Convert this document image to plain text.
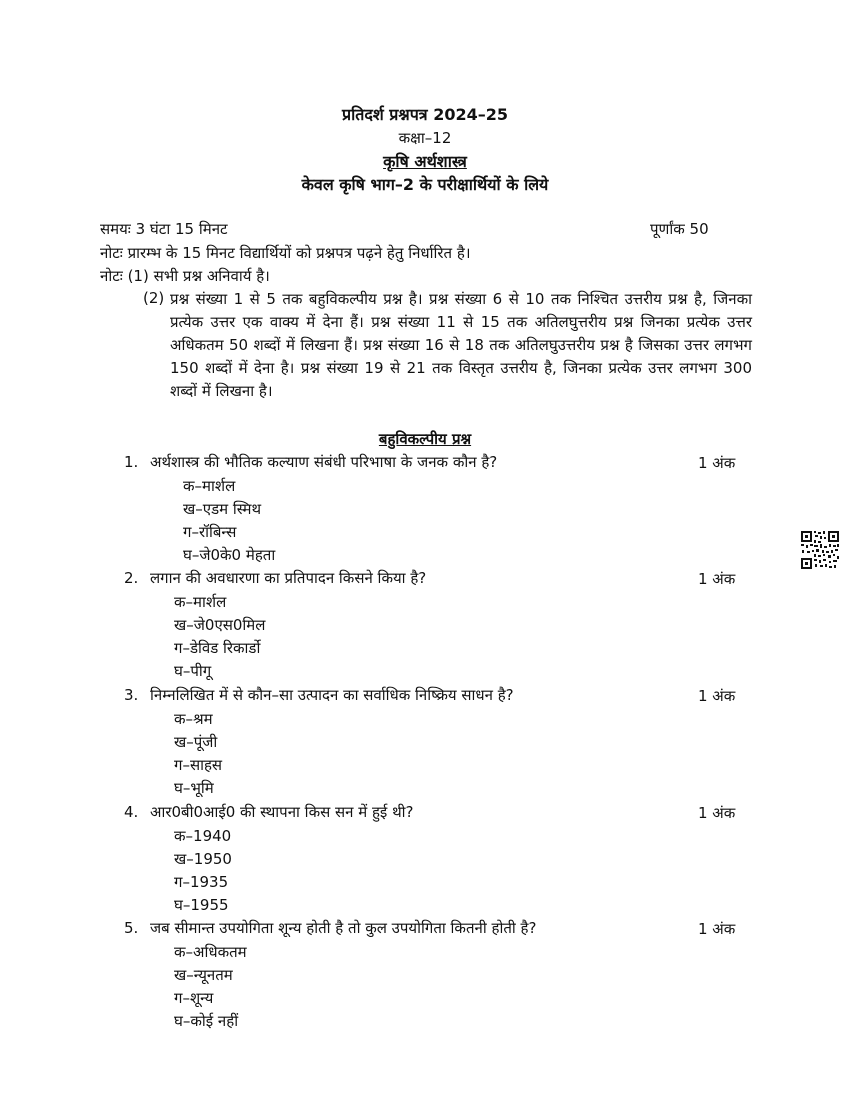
प्रतिदर्श प्रश्नपत्र 2024–25
कक्षा–12
कृषि अर्थशास्त्र
केवल कृषि भाग–2 के परीक्षार्थियों के लिये
समयः 3 घंटा 15 मिनट	पूर्णांक 50
नोटः प्रारम्भ के 15 मिनट विद्यार्थियों को प्रश्नपत्र पढ़ने हेतु निर्धारित है।
नोटः (1) सभी प्रश्न अनिवार्य है।
(2) प्रश्न संख्या 1 से 5 तक बहुविकल्पीय प्रश्न है। प्रश्न संख्या 6 से 10 तक निश्चित उत्तरीय प्रश्न है, जिनका प्रत्येक उत्तर एक वाक्य में देना हैं। प्रश्न संख्या 11 से 15 तक अतिलघुत्तरीय प्रश्न जिनका प्रत्येक उत्तर अधिकतम 50 शब्दों में लिखना हैं। प्रश्न संख्या 16 से 18 तक अतिलघुउत्तरीय प्रश्न है जिसका उत्तर लगभग 150 शब्दों में देना है। प्रश्न संख्या 19 से 21 तक विस्तृत उत्तरीय है, जिनका प्रत्येक उत्तर लगभग 300 शब्दों में लिखना है।
बहुविकल्पीय प्रश्न
1. अर्थशास्त्र की भौतिक कल्याण संबंधी परिभाषा के जनक कौन है?	1 अंक
क–मार्शल
ख–एडम स्मिथ
ग–रॉबिन्स
घ–जे0के0 मेहता
2. लगान की अवधारणा का प्रतिपादन किसने किया है?	1 अंक
क–मार्शल
ख–जे0एस0मिल
ग–डेविड रिकार्डो
घ–पीगू
3. निम्नलिखित में से कौन–सा उत्पादन का सर्वाधिक निष्क्रिय साधन है?	1 अंक
क–श्रम
ख–पूंजी
ग–साहस
घ–भूमि
4. आर0बी0आई0 की स्थापना किस सन में हुई थी?	1 अंक
क–1940
ख–1950
ग–1935
घ–1955
5. जब सीमान्त उपयोगिता शून्य होती है तो कुल उपयोगिता कितनी होती है?	1 अंक
क–अधिकतम
ख–न्यूनतम
ग–शून्य
घ–कोई नहीं
